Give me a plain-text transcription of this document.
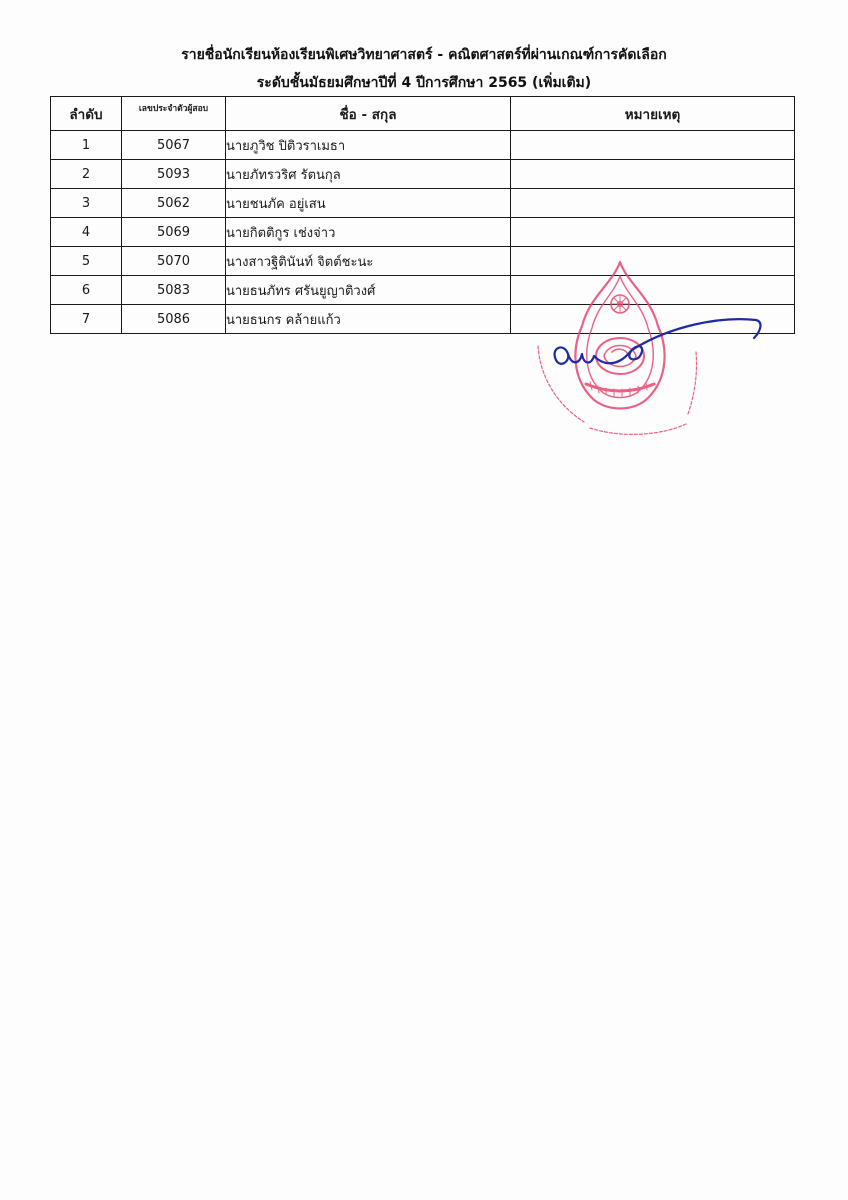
รายชื่อนักเรียนห้องเรียนพิเศษวิทยาศาสตร์ - คณิตศาสตร์ที่ผ่านเกณฑ์การคัดเลือก
ระดับชั้นมัธยมศึกษาปีที่ 4 ปีการศึกษา 2565 (เพิ่มเติม)
ลำดับ	เลขประจำตัวผู้สอบ	ชื่อ - สกุล	หมายเหตุ
1	5067	นายภูวิช ปิติวราเมธา	
2	5093	นายภัทรวริศ รัตนกุล	
3	5062	นายชนภัค อยู่เสน	
4	5069	นายกิตติกูร เช่งจ่าว	
5	5070	นางสาวฐิตินันท์ จิตต์ชะนะ	
6	5083	นายธนภัทร ศรันยูญาติวงศ์	
7	5086	นายธนกร คล้ายแก้ว	
